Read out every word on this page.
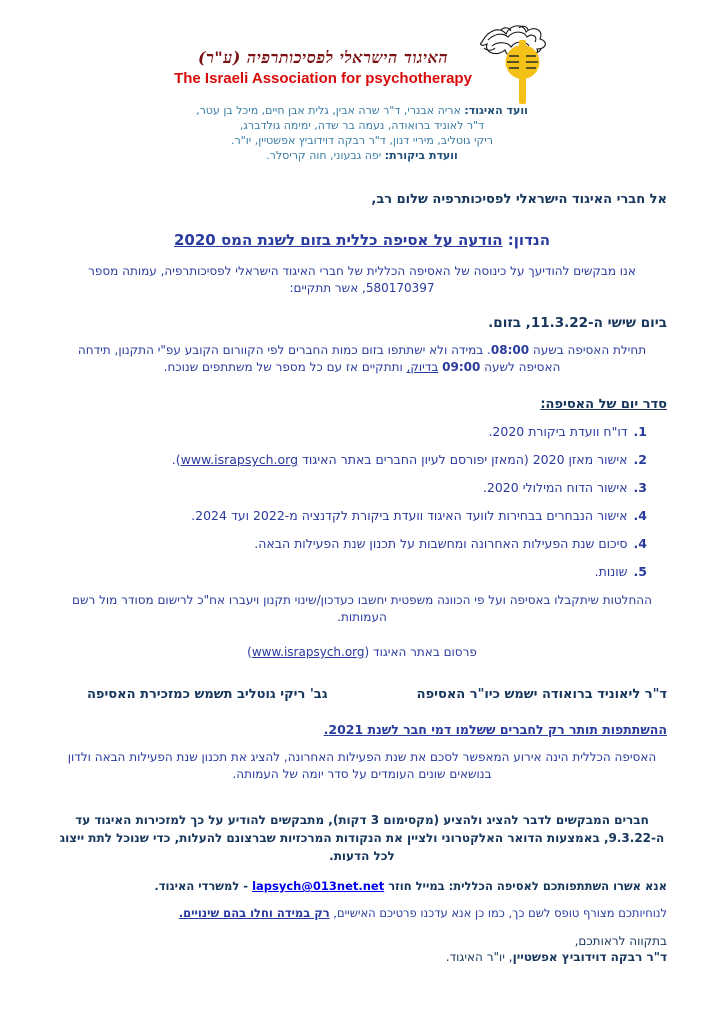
האיגוד הישראלי לפסיכותרפיה (ע"ר)
The Israeli Association for psychotherapy
וועד האיגוד: אריה אבנרי, ד"ר שרה אבין, גלית אבן חיים, מיכל בן עטר,
ד"ר לאוניד ברואודה, נעמה בר שדה, ימימה גולדברג,
ריקי גוטליב, מיריי דנון, ד"ר רבקה דוידוביץ אפשטיין, יו"ר.
וועדת ביקורת: יפה גבעוני, חוה קריסלר.
אל חברי האיגוד הישראלי לפסיכותרפיה שלום רב,
הנדון: הודעה על אסיפה כללית בזום לשנת המס 2020
אנו מבקשים להודיעך על כינוסה של האסיפה הכללית של חברי האיגוד הישראלי לפסיכותרפיה, עמותה מספר 580170397, אשר תתקיים:
ביום שישי ה-11.3.22, בזום.
תחילת האסיפה בשעה 08:00. במידה ולא ישתתפו בזום כמות החברים לפי הקוורום הקובע עפ"י התקנון, תידחה האסיפה לשעה 09:00 בדיוק, ותתקיים אז עם כל מספר של משתתפים שנוכח.
סדר יום של האסיפה:
1.דו"ח וועדת ביקורת 2020.
2.אישור מאזן 2020 (המאזן יפורסם לעיון החברים באתר האיגוד www.israpsych.org).
3.אישור הדוח המילולי 2020.
4.אישור הנבחרים בבחירות לוועד האיגוד וועדת ביקורת לקדנציה מ-2022 ועד 2024.
4.סיכום שנת הפעילות האחרונה ומחשבות על תכנון שנת הפעילות הבאה.
5.שונות.
ההחלטות שיתקבלו באסיפה ועל פי הכוונה משפטית יחשבו כעדכון/שינוי תקנון ויעברו אח"כ לרישום מסודר מול רשם העמותות.
פרסום באתר האיגוד (www.israpsych.org)
ד"ר ליאוניד ברואודה ישמש כיו"ר האסיפה
גב' ריקי גוטליב תשמש כמזכירת האסיפה
ההשתתפות תותר רק לחברים ששלמו דמי חבר לשנת 2021.
האסיפה הכללית הינה אירוע המאפשר לסכם את שנת הפעילות האחרונה, להציג את תכנון שנת הפעילות הבאה ולדון בנושאים שונים העומדים על סדר יומה של העמותה.
חברים המבקשים לדבר להציג ולהציע (מקסימום 3 דקות), מתבקשים להודיע על כך למזכירות האיגוד עד ה-9.3.22, באמצעות הדואר האלקטרוני ולציין את הנקודות המרכזיות שברצונם להעלות, כדי שנוכל לתת ייצוג לכל הדעות.
אנא אשרו השתתפותכם לאסיפה הכללית: במייל חוזר lapsych@013net.net - למשרדי האיגוד.
לנוחיותכם מצורף טופס לשם כך, כמו כן אנא עדכנו פרטיכם האישיים, רק במידה וחלו בהם שינויים.
בתקווה לראותכם,
ד"ר רבקה דוידוביץ אפשטיין, יו"ר האיגוד.
